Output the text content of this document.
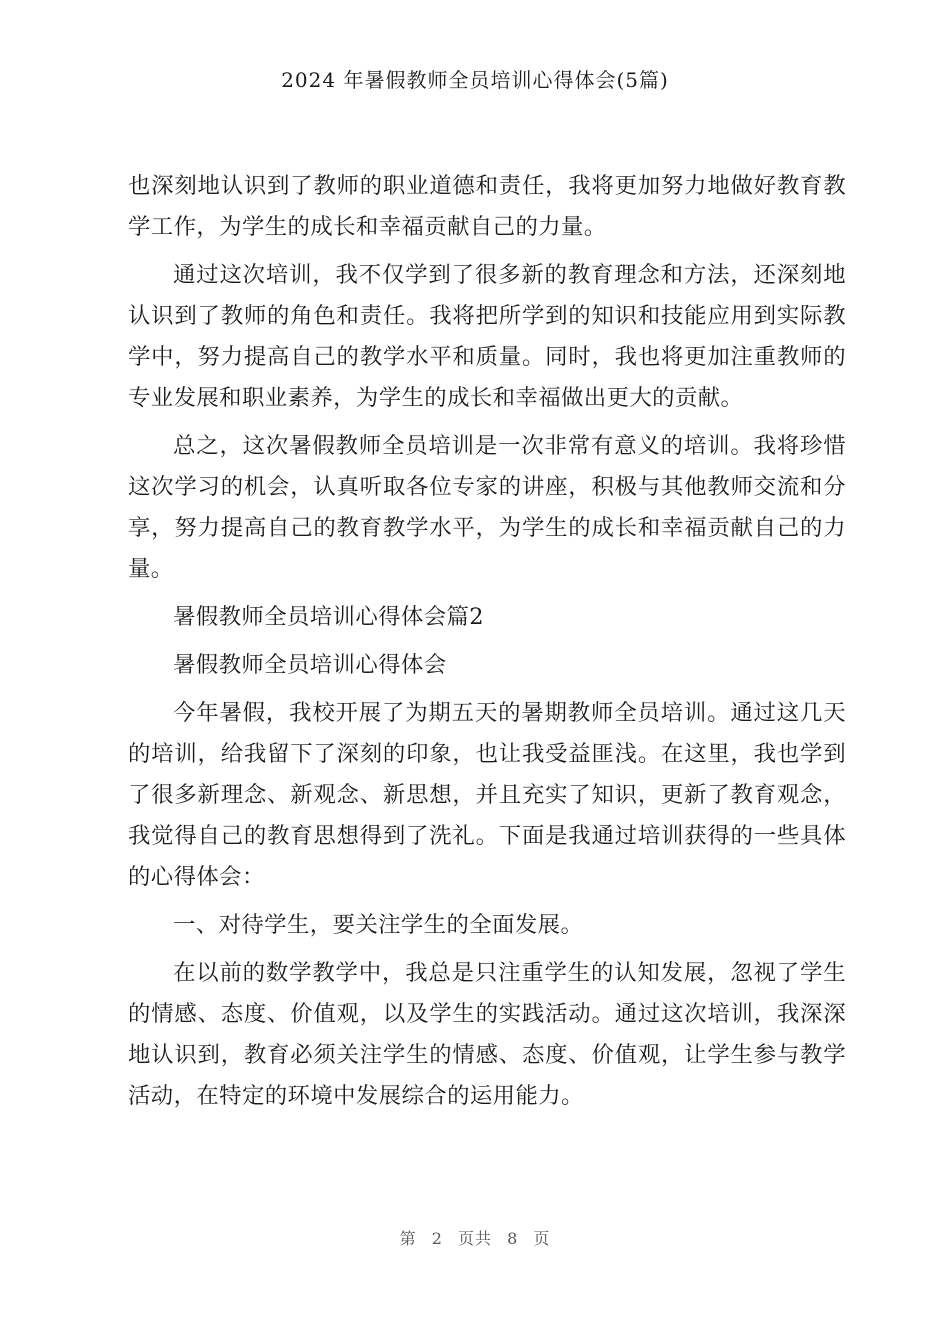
2024 年暑假教师全员培训心得体会(5篇)

也深刻地认识到了教师的职业道德和责任，我将更加努力地做好教育教学工作，为学生的成长和幸福贡献自己的力量。

通过这次培训，我不仅学到了很多新的教育理念和方法，还深刻地认识到了教师的角色和责任。我将把所学到的知识和技能应用到实际教学中，努力提高自己的教学水平和质量。同时，我也将更加注重教师的专业发展和职业素养，为学生的成长和幸福做出更大的贡献。

总之，这次暑假教师全员培训是一次非常有意义的培训。我将珍惜这次学习的机会，认真听取各位专家的讲座，积极与其他教师交流和分享，努力提高自己的教育教学水平，为学生的成长和幸福贡献自己的力量。

暑假教师全员培训心得体会篇2

暑假教师全员培训心得体会

今年暑假，我校开展了为期五天的暑期教师全员培训。通过这几天的培训，给我留下了深刻的印象，也让我受益匪浅。在这里，我也学到了很多新理念、新观念、新思想，并且充实了知识，更新了教育观念，我觉得自己的教育思想得到了洗礼。下面是我通过培训获得的一些具体的心得体会：

一、对待学生，要关注学生的全面发展。

在以前的数学教学中，我总是只注重学生的认知发展，忽视了学生的情感、态度、价值观，以及学生的实践活动。通过这次培训，我深深地认识到，教育必须关注学生的情感、态度、价值观，让学生参与教学活动，在特定的环境中发展综合的运用能力。

第 2 页共 8 页
